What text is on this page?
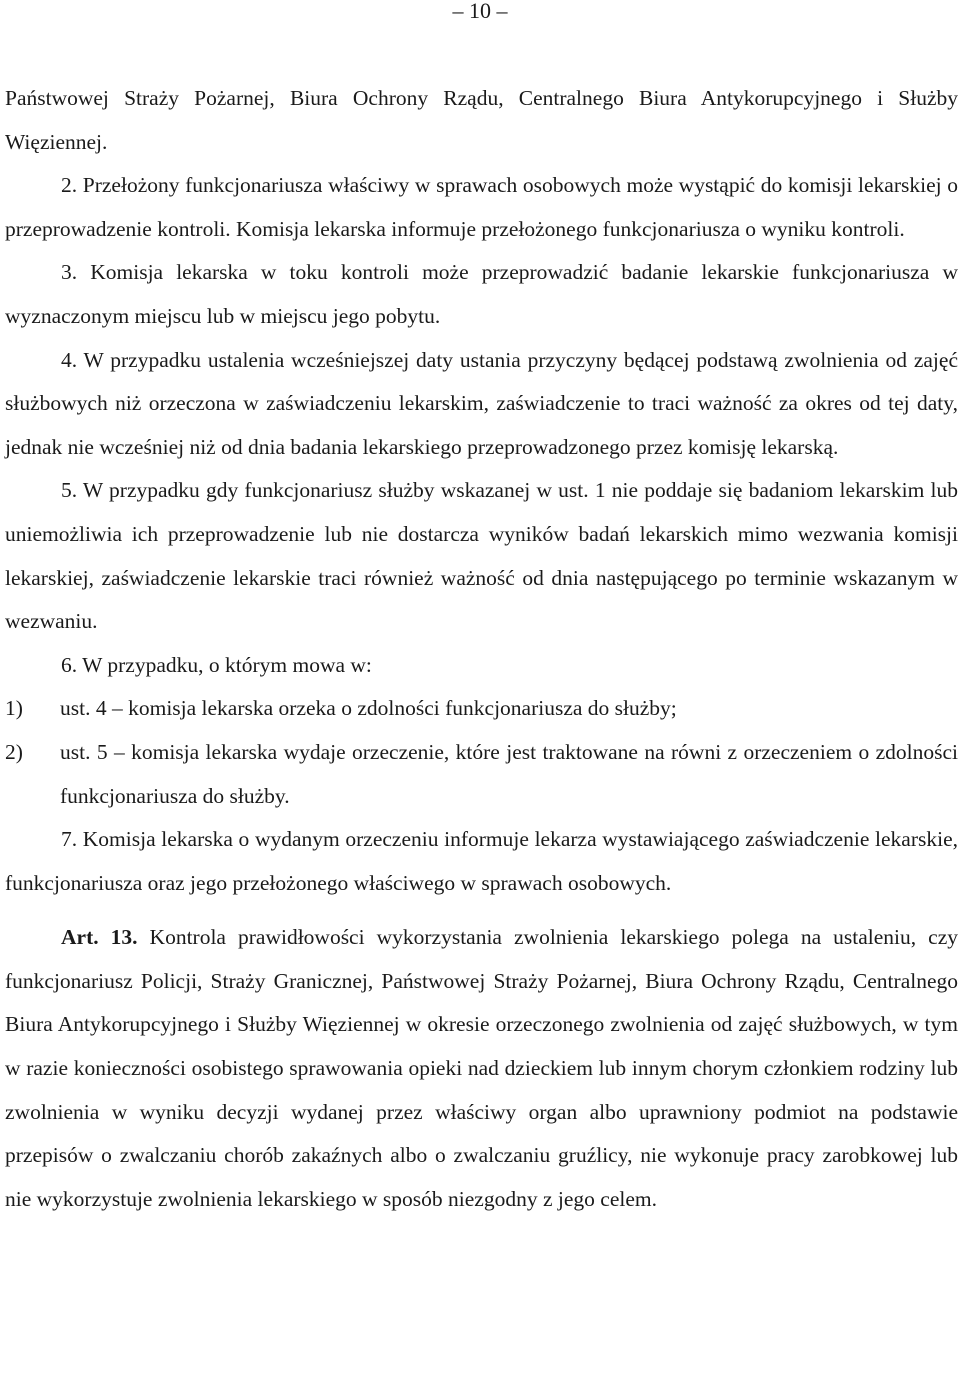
– 10 –

Państwowej Straży Pożarnej, Biura Ochrony Rządu, Centralnego Biura Antykorupcyjnego i Służby Więziennej.

2. Przełożony funkcjonariusza właściwy w sprawach osobowych może wystąpić do komisji lekarskiej o przeprowadzenie kontroli. Komisja lekarska informuje przełożonego funkcjonariusza o wyniku kontroli.

3. Komisja lekarska w toku kontroli może przeprowadzić badanie lekarskie funkcjonariusza w wyznaczonym miejscu lub w miejscu jego pobytu.

4. W przypadku ustalenia wcześniejszej daty ustania przyczyny będącej podstawą zwolnienia od zajęć służbowych niż orzeczona w zaświadczeniu lekarskim, zaświadczenie to traci ważność za okres od tej daty, jednak nie wcześniej niż od dnia badania lekarskiego przeprowadzonego przez komisję lekarską.

5. W przypadku gdy funkcjonariusz służby wskazanej w ust. 1 nie poddaje się badaniom lekarskim lub uniemożliwia ich przeprowadzenie lub nie dostarcza wyników badań lekarskich mimo wezwania komisji lekarskiej, zaświadczenie lekarskie traci również ważność od dnia następującego po terminie wskazanym w wezwaniu.

6. W przypadku, o którym mowa w:

1) ust. 4 – komisja lekarska orzeka o zdolności funkcjonariusza do służby;
2) ust. 5 – komisja lekarska wydaje orzeczenie, które jest traktowane na równi z orzeczeniem o zdolności funkcjonariusza do służby.

7. Komisja lekarska o wydanym orzeczeniu informuje lekarza wystawiającego zaświadczenie lekarskie, funkcjonariusza oraz jego przełożonego właściwego w sprawach osobowych.

Art. 13. Kontrola prawidłowości wykorzystania zwolnienia lekarskiego polega na ustaleniu, czy funkcjonariusz Policji, Straży Granicznej, Państwowej Straży Pożarnej, Biura Ochrony Rządu, Centralnego Biura Antykorupcyjnego i Służby Więziennej w okresie orzeczonego zwolnienia od zajęć służbowych, w tym w razie konieczności osobistego sprawowania opieki nad dzieckiem lub innym chorym członkiem rodziny lub zwolnienia w wyniku decyzji wydanej przez właściwy organ albo uprawniony podmiot na podstawie przepisów o zwalczaniu chorób zakaźnych albo o zwalczaniu gruźlicy, nie wykonuje pracy zarobkowej lub nie wykorzystuje zwolnienia lekarskiego w sposób niezgodny z jego celem.
